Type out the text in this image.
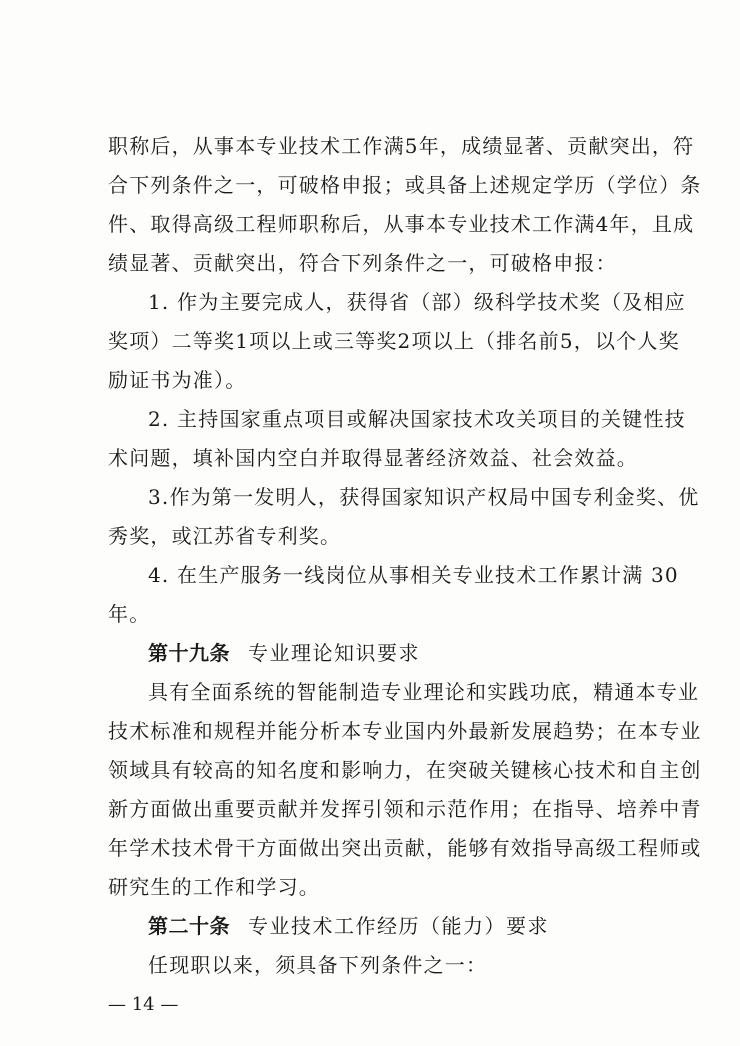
职称后，从事本专业技术工作满5年，成绩显著、贡献突出，符
合下列条件之一，可破格申报；或具备上述规定学历（学位）条
件、取得高级工程师职称后，从事本专业技术工作满4年，且成
绩显著、贡献突出，符合下列条件之一，可破格申报：
1. 作为主要完成人，获得省（部）级科学技术奖（及相应
奖项）二等奖1项以上或三等奖2项以上（排名前5，以个人奖
励证书为准）。
2. 主持国家重点项目或解决国家技术攻关项目的关键性技
术问题，填补国内空白并取得显著经济效益、社会效益。
3.作为第一发明人，获得国家知识产权局中国专利金奖、优
秀奖，或江苏省专利奖。
4. 在生产服务一线岗位从事相关专业技术工作累计满 30
年。
第十九条 专业理论知识要求
具有全面系统的智能制造专业理论和实践功底，精通本专业
技术标准和规程并能分析本专业国内外最新发展趋势；在本专业
领域具有较高的知名度和影响力，在突破关键核心技术和自主创
新方面做出重要贡献并发挥引领和示范作用；在指导、培养中青
年学术技术骨干方面做出突出贡献，能够有效指导高级工程师或
研究生的工作和学习。
第二十条 专业技术工作经历（能力）要求
任现职以来，须具备下列条件之一：
— 14 —
